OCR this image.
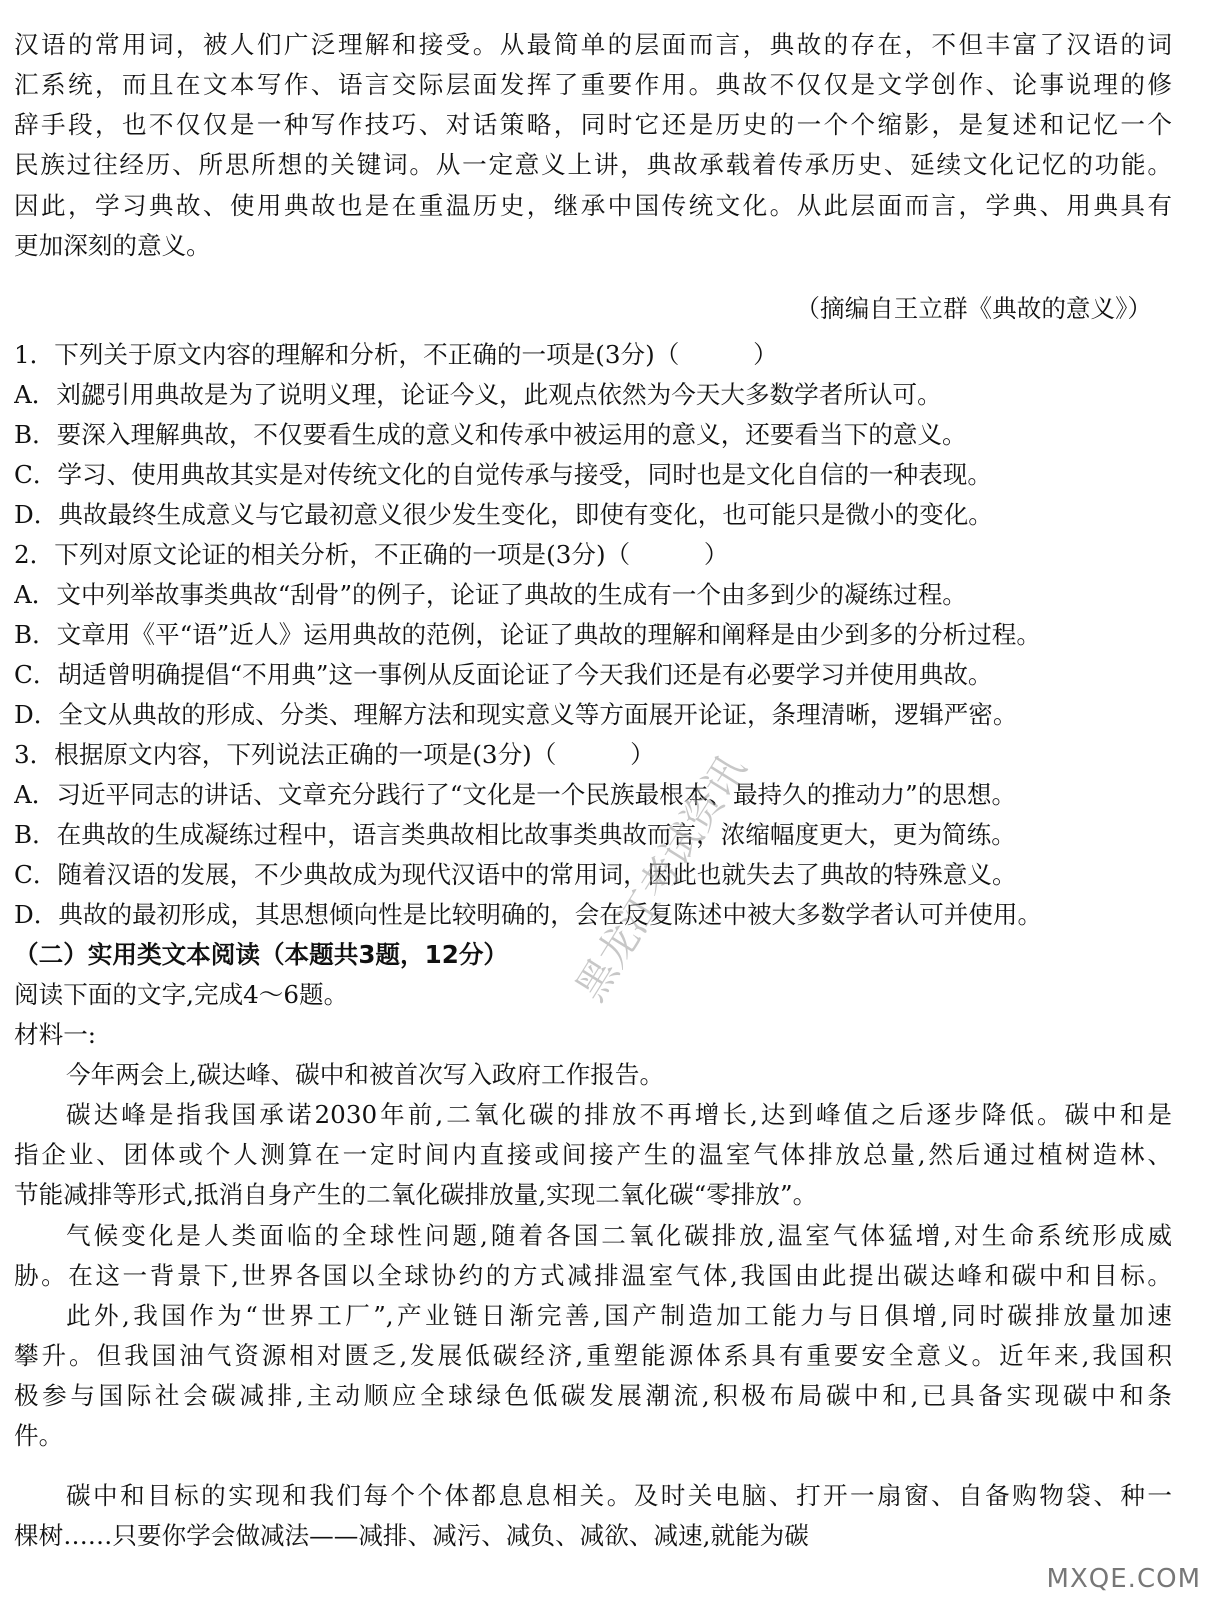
汉语的常用词，被人们广泛理解和接受。从最简单的层面而言，典故的存在，不但丰富了汉语的词
汇系统，而且在文本写作、语言交际层面发挥了重要作用。典故不仅仅是文学创作、论事说理的修
辞手段，也不仅仅是一种写作技巧、对话策略，同时它还是历史的一个个缩影，是复述和记忆一个
民族过往经历、所思所想的关键词。从一定意义上讲，典故承载着传承历史、延续文化记忆的功能。
因此，学习典故、使用典故也是在重温历史，继承中国传统文化。从此层面而言，学典、用典具有
更加深刻的意义。
（摘编自王立群《典故的意义》）
1．下列关于原文内容的理解和分析，不正确的一项是(3分)（　　　）
A．刘勰引用典故是为了说明义理，论证今义，此观点依然为今天大多数学者所认可。
B．要深入理解典故，不仅要看生成的意义和传承中被运用的意义，还要看当下的意义。
C．学习、使用典故其实是对传统文化的自觉传承与接受，同时也是文化自信的一种表现。
D．典故最终生成意义与它最初意义很少发生变化，即使有变化，也可能只是微小的变化。
2．下列对原文论证的相关分析，不正确的一项是(3分)（　　　）
A．文中列举故事类典故“刮骨”的例子，论证了典故的生成有一个由多到少的凝练过程。
B．文章用《平“语”近人》运用典故的范例，论证了典故的理解和阐释是由少到多的分析过程。
C．胡适曾明确提倡“不用典”这一事例从反面论证了今天我们还是有必要学习并使用典故。
D．全文从典故的形成、分类、理解方法和现实意义等方面展开论证，条理清晰，逻辑严密。
3．根据原文内容，下列说法正确的一项是(3分)（　　　）
A．习近平同志的讲话、文章充分践行了“文化是一个民族最根本、最持久的推动力”的思想。
B．在典故的生成凝练过程中，语言类典故相比故事类典故而言，浓缩幅度更大，更为简练。
C．随着汉语的发展，不少典故成为现代汉语中的常用词，因此也就失去了典故的特殊意义。
D．典故的最初形成，其思想倾向性是比较明确的，会在反复陈述中被大多数学者认可并使用。
（二）实用类文本阅读（本题共3题，12分）
阅读下面的文字,完成4～6题。
材料一:
今年两会上,碳达峰、碳中和被首次写入政府工作报告。
碳达峰是指我国承诺2030年前,二氧化碳的排放不再增长,达到峰值之后逐步降低。碳中和是
指企业、团体或个人测算在一定时间内直接或间接产生的温室气体排放总量,然后通过植树造林、
节能减排等形式,抵消自身产生的二氧化碳排放量,实现二氧化碳“零排放”。
气候变化是人类面临的全球性问题,随着各国二氧化碳排放,温室气体猛增,对生命系统形成威
胁。在这一背景下,世界各国以全球协约的方式减排温室气体,我国由此提出碳达峰和碳中和目标。
此外,我国作为“世界工厂”,产业链日渐完善,国产制造加工能力与日俱增,同时碳排放量加速
攀升。但我国油气资源相对匮乏,发展低碳经济,重塑能源体系具有重要安全意义。近年来,我国积
极参与国际社会碳减排,主动顺应全球绿色低碳发展潮流,积极布局碳中和,已具备实现碳中和条
件。
碳中和目标的实现和我们每个个体都息息相关。及时关电脑、打开一扇窗、自备购物袋、种一
棵树……只要你学会做减法——减排、减污、减负、减欲、减速,就能为碳
黑龙江考试资讯
MXQE.COM
